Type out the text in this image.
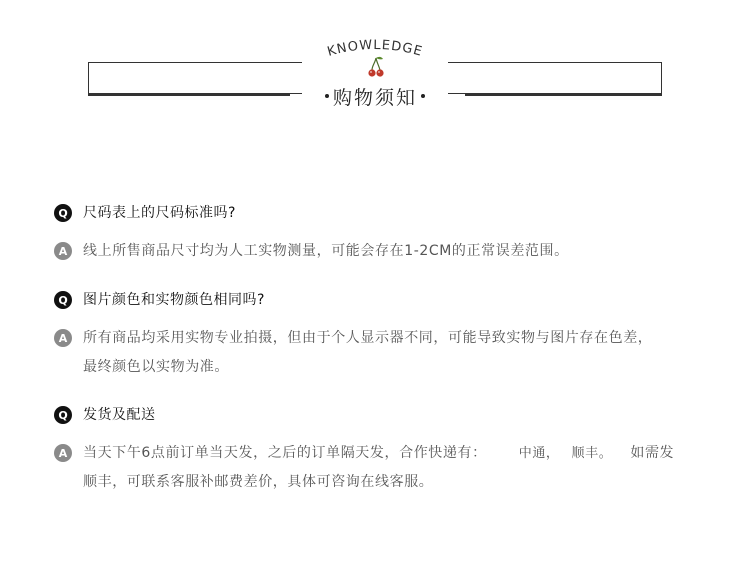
KNOWLEDGE
购物须知
Q	尺码表上的尺码标准吗?
A	线上所售商品尺寸均为人工实物测量，可能会存在1-2CM的正常误差范围。
Q	图片颜色和实物颜色相同吗?
A	所有商品均采用实物专业拍摄，但由于个人显示器不同，可能导致实物与图片存在色差，
最终颜色以实物为准。
Q	发货及配送
A	当天下午6点前订单当天发，之后的订单隔天发，合作快递有： 中通， 顺丰。 如需发
顺丰，可联系客服补邮费差价，具体可咨询在线客服。
